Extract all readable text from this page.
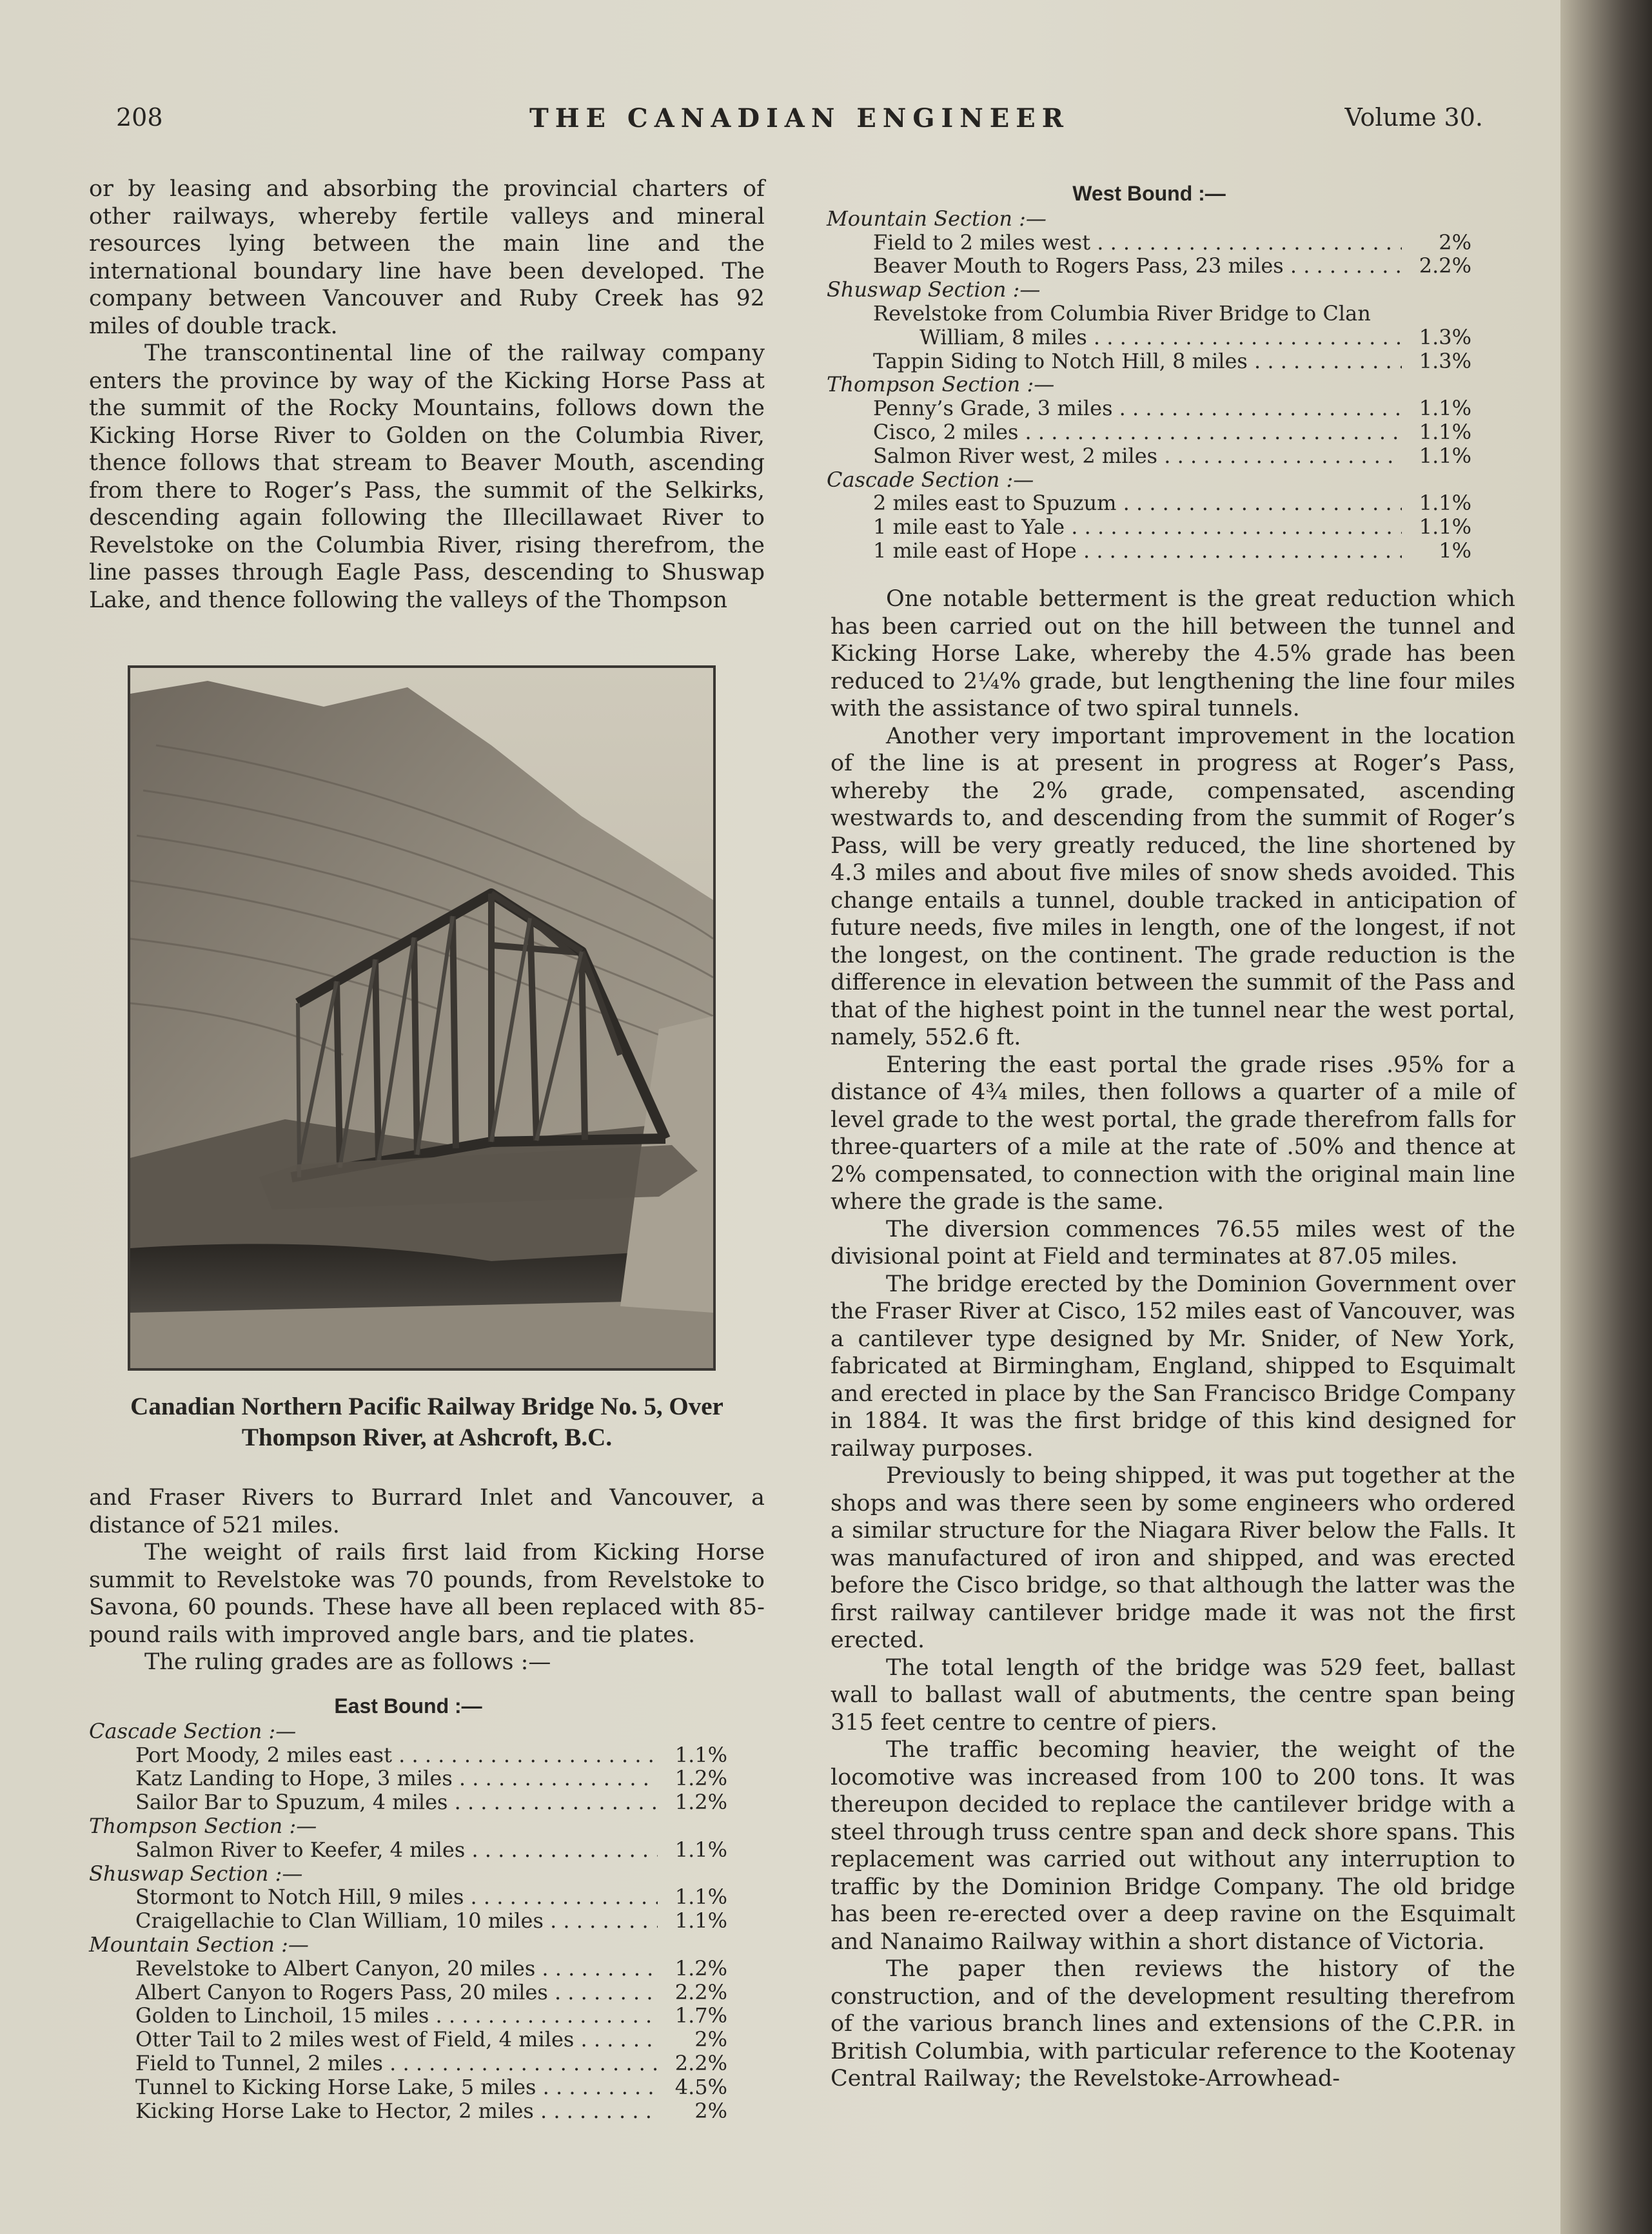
208	THE CANADIAN ENGINEER	Volume 30.

or by leasing and absorbing the provincial charters of other railways, whereby fertile valleys and mineral resources lying between the main line and the international boundary line have been developed. The company between Vancouver and Ruby Creek has 92 miles of double track.

The transcontinental line of the railway company enters the province by way of the Kicking Horse Pass at the summit of the Rocky Mountains, follows down the Kicking Horse River to Golden on the Columbia River, thence follows that stream to Beaver Mouth, ascending from there to Roger’s Pass, the summit of the Selkirks, descending again following the Illecillawaet River to Revelstoke on the Columbia River, rising therefrom, the line passes through Eagle Pass, descending to Shuswap Lake, and thence following the valleys of the Thompson

Canadian Northern Pacific Railway Bridge No. 5, Over
Thompson River, at Ashcroft, B.C.

and Fraser Rivers to Burrard Inlet and Vancouver, a distance of 521 miles.

The weight of rails first laid from Kicking Horse summit to Revelstoke was 70 pounds, from Revelstoke to Savona, 60 pounds. These have all been replaced with 85-pound rails with improved angle bars, and tie plates.

The ruling grades are as follows :—

East Bound :—
Cascade Section :—
Port Moody, 2 miles east . . .	1.1%
Katz Landing to Hope, 3 miles . . .	1.2%
Sailor Bar to Spuzum, 4 miles . . .	1.2%
Thompson Section :—
Salmon River to Keefer, 4 miles . . .	1.1%
Shuswap Section :—
Stormont to Notch Hill, 9 miles . . .	1.1%
Craigellachie to Clan William, 10 miles . . .	1.1%
Mountain Section :—
Revelstoke to Albert Canyon, 20 miles . . .	1.2%
Albert Canyon to Rogers Pass, 20 miles . . .	2.2%
Golden to Linchoil, 15 miles . . .	1.7%
Otter Tail to 2 miles west of Field, 4 miles . . .	2%
Field to Tunnel, 2 miles . . .	2.2%
Tunnel to Kicking Horse Lake, 5 miles . . .	4.5%
Kicking Horse Lake to Hector, 2 miles . . .	2%
West Bound :—
Mountain Section :—
Field to 2 miles west . . .	2%
Beaver Mouth to Rogers Pass, 23 miles . . .	2.2%
Shuswap Section :—
Revelstoke from Columbia River Bridge to Clan
William, 8 miles . . .	1.3%
Tappin Siding to Notch Hill, 8 miles . . .	1.3%
Thompson Section :—
Penny’s Grade, 3 miles . . .	1.1%
Cisco, 2 miles . . .	1.1%
Salmon River west, 2 miles . . .	1.1%
Cascade Section :—
2 miles east to Spuzum . . .	1.1%
1 mile east to Yale . . .	1.1%
1 mile east of Hope . . .	1%

One notable betterment is the great reduction which has been carried out on the hill between the tunnel and Kicking Horse Lake, whereby the 4.5% grade has been reduced to 2¼% grade, but lengthening the line four miles with the assistance of two spiral tunnels.

Another very important improvement in the location of the line is at present in progress at Roger’s Pass, whereby the 2% grade, compensated, ascending westwards to, and descending from the summit of Roger’s Pass, will be very greatly reduced, the line shortened by 4.3 miles and about five miles of snow sheds avoided. This change entails a tunnel, double tracked in anticipation of future needs, five miles in length, one of the longest, if not the longest, on the continent. The grade reduction is the difference in elevation between the summit of the Pass and that of the highest point in the tunnel near the west portal, namely, 552.6 ft.

Entering the east portal the grade rises .95% for a distance of 4¾ miles, then follows a quarter of a mile of level grade to the west portal, the grade therefrom falls for three-quarters of a mile at the rate of .50% and thence at 2% compensated, to connection with the original main line where the grade is the same.

The diversion commences 76.55 miles west of the divisional point at Field and terminates at 87.05 miles.

The bridge erected by the Dominion Government over the Fraser River at Cisco, 152 miles east of Vancouver, was a cantilever type designed by Mr. Snider, of New York, fabricated at Birmingham, England, shipped to Esquimalt and erected in place by the San Francisco Bridge Company in 1884. It was the first bridge of this kind designed for railway purposes.

Previously to being shipped, it was put together at the shops and was there seen by some engineers who ordered a similar structure for the Niagara River below the Falls. It was manufactured of iron and shipped, and was erected before the Cisco bridge, so that although the latter was the first railway cantilever bridge made it was not the first erected.

The total length of the bridge was 529 feet, ballast wall to ballast wall of abutments, the centre span being 315 feet centre to centre of piers.

The traffic becoming heavier, the weight of the locomotive was increased from 100 to 200 tons. It was thereupon decided to replace the cantilever bridge with a steel through truss centre span and deck shore spans. This replacement was carried out without any interruption to traffic by the Dominion Bridge Company. The old bridge has been re-erected over a deep ravine on the Esquimalt and Nanaimo Railway within a short distance of Victoria.

The paper then reviews the history of the construction, and of the development resulting therefrom of the various branch lines and extensions of the C.P.R. in British Columbia, with particular reference to the Kootenay Central Railway; the Revelstoke-Arrowhead-
